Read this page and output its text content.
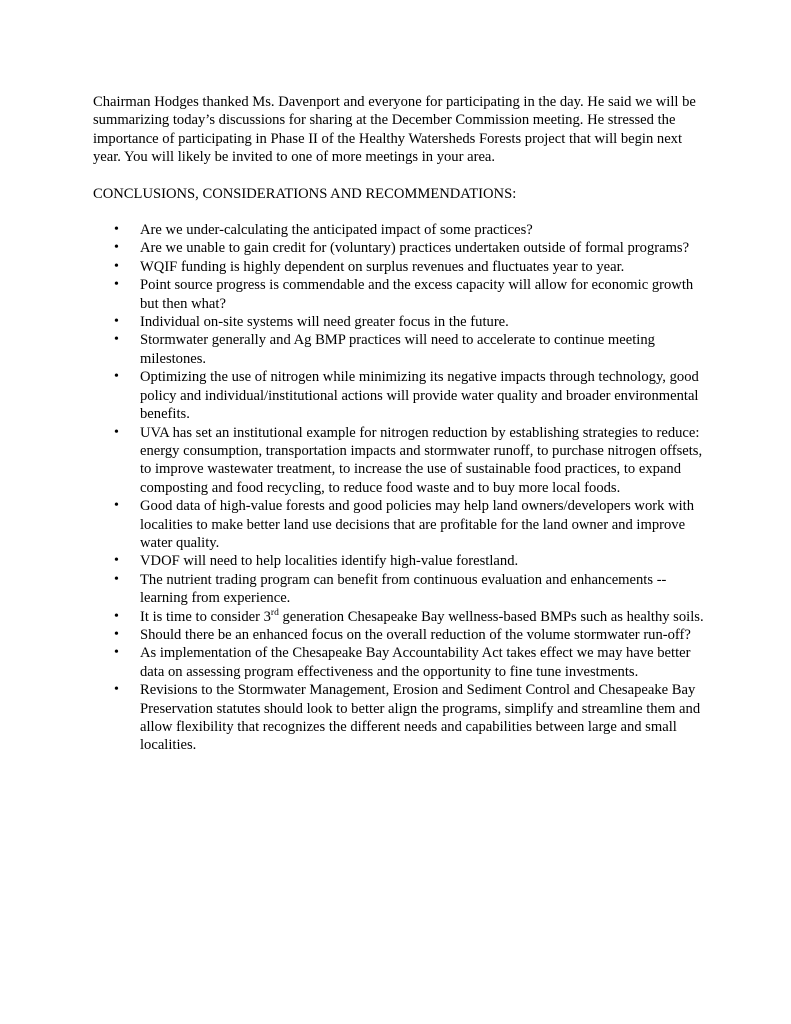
Chairman Hodges thanked Ms. Davenport and everyone for participating in the day. He said we will be summarizing today’s discussions for sharing at the December Commission meeting. He stressed the importance of participating in Phase II of the Healthy Watersheds Forests project that will begin next year. You will likely be invited to one of more meetings in your area.

CONCLUSIONS, CONSIDERATIONS AND RECOMMENDATIONS:

• Are we under-calculating the anticipated impact of some practices?
• Are we unable to gain credit for (voluntary) practices undertaken outside of formal programs?
• WQIF funding is highly dependent on surplus revenues and fluctuates year to year.
• Point source progress is commendable and the excess capacity will allow for economic growth but then what?
• Individual on-site systems will need greater focus in the future.
• Stormwater generally and Ag BMP practices will need to accelerate to continue meeting milestones.
• Optimizing the use of nitrogen while minimizing its negative impacts through technology, good policy and individual/institutional actions will provide water quality and broader environmental benefits.
• UVA has set an institutional example for nitrogen reduction by establishing strategies to reduce: energy consumption, transportation impacts and stormwater runoff, to purchase nitrogen offsets, to improve wastewater treatment, to increase the use of sustainable food practices, to expand composting and food recycling, to reduce food waste and to buy more local foods.
• Good data of high-value forests and good policies may help land owners/developers work with localities to make better land use decisions that are profitable for the land owner and improve water quality.
• VDOF will need to help localities identify high-value forestland.
• The nutrient trading program can benefit from continuous evaluation and enhancements -- learning from experience.
• It is time to consider 3rd generation Chesapeake Bay wellness-based BMPs such as healthy soils.
• Should there be an enhanced focus on the overall reduction of the volume stormwater run-off?
• As implementation of the Chesapeake Bay Accountability Act takes effect we may have better data on assessing program effectiveness and the opportunity to fine tune investments.
• Revisions to the Stormwater Management, Erosion and Sediment Control and Chesapeake Bay Preservation statutes should look to better align the programs, simplify and streamline them and allow flexibility that recognizes the different needs and capabilities between large and small localities.
